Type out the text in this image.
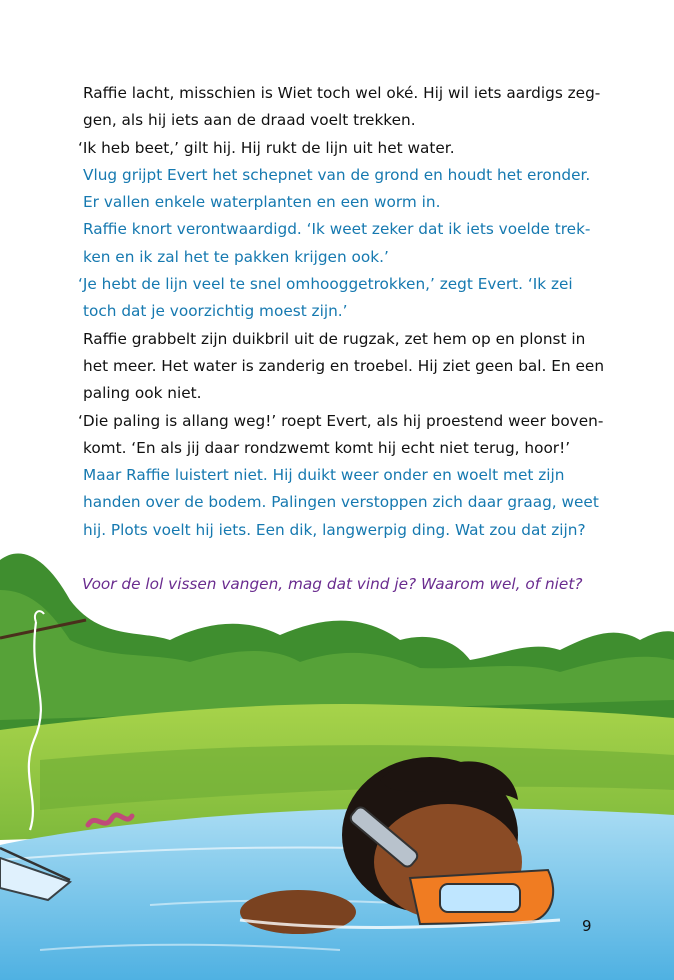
Raffie lacht, misschien is Wiet toch wel oké. Hij wil iets aardigs zeg-
gen, als hij iets aan de draad voelt trekken.
‘Ik heb beet,’ gilt hij. Hij rukt de lijn uit het water.
Vlug grijpt Evert het schepnet van de grond en houdt het eronder.
Er vallen enkele waterplanten en een worm in.
Raffie knort verontwaardigd. ‘Ik weet zeker dat ik iets voelde trek-
ken en ik zal het te pakken krijgen ook.’
‘Je hebt de lijn veel te snel omhooggetrokken,’ zegt Evert. ‘Ik zei
toch dat je voorzichtig moest zijn.’
Raffie grabbelt zijn duikbril uit de rugzak, zet hem op en plonst in
het meer. Het water is zanderig en troebel. Hij ziet geen bal. En een
paling ook niet.
‘Die paling is allang weg!’ roept Evert, als hij proestend weer boven-
komt. ‘En als jij daar rondzwemt komt hij echt niet terug, hoor!’
Maar Raffie luistert niet. Hij duikt weer onder en woelt met zijn
handen over de bodem. Palingen verstoppen zich daar graag, weet
hij. Plots voelt hij iets. Een dik, langwerpig ding. Wat zou dat zijn?
Voor de lol vissen vangen, mag dat vind je? Waarom wel, of niet?
9
